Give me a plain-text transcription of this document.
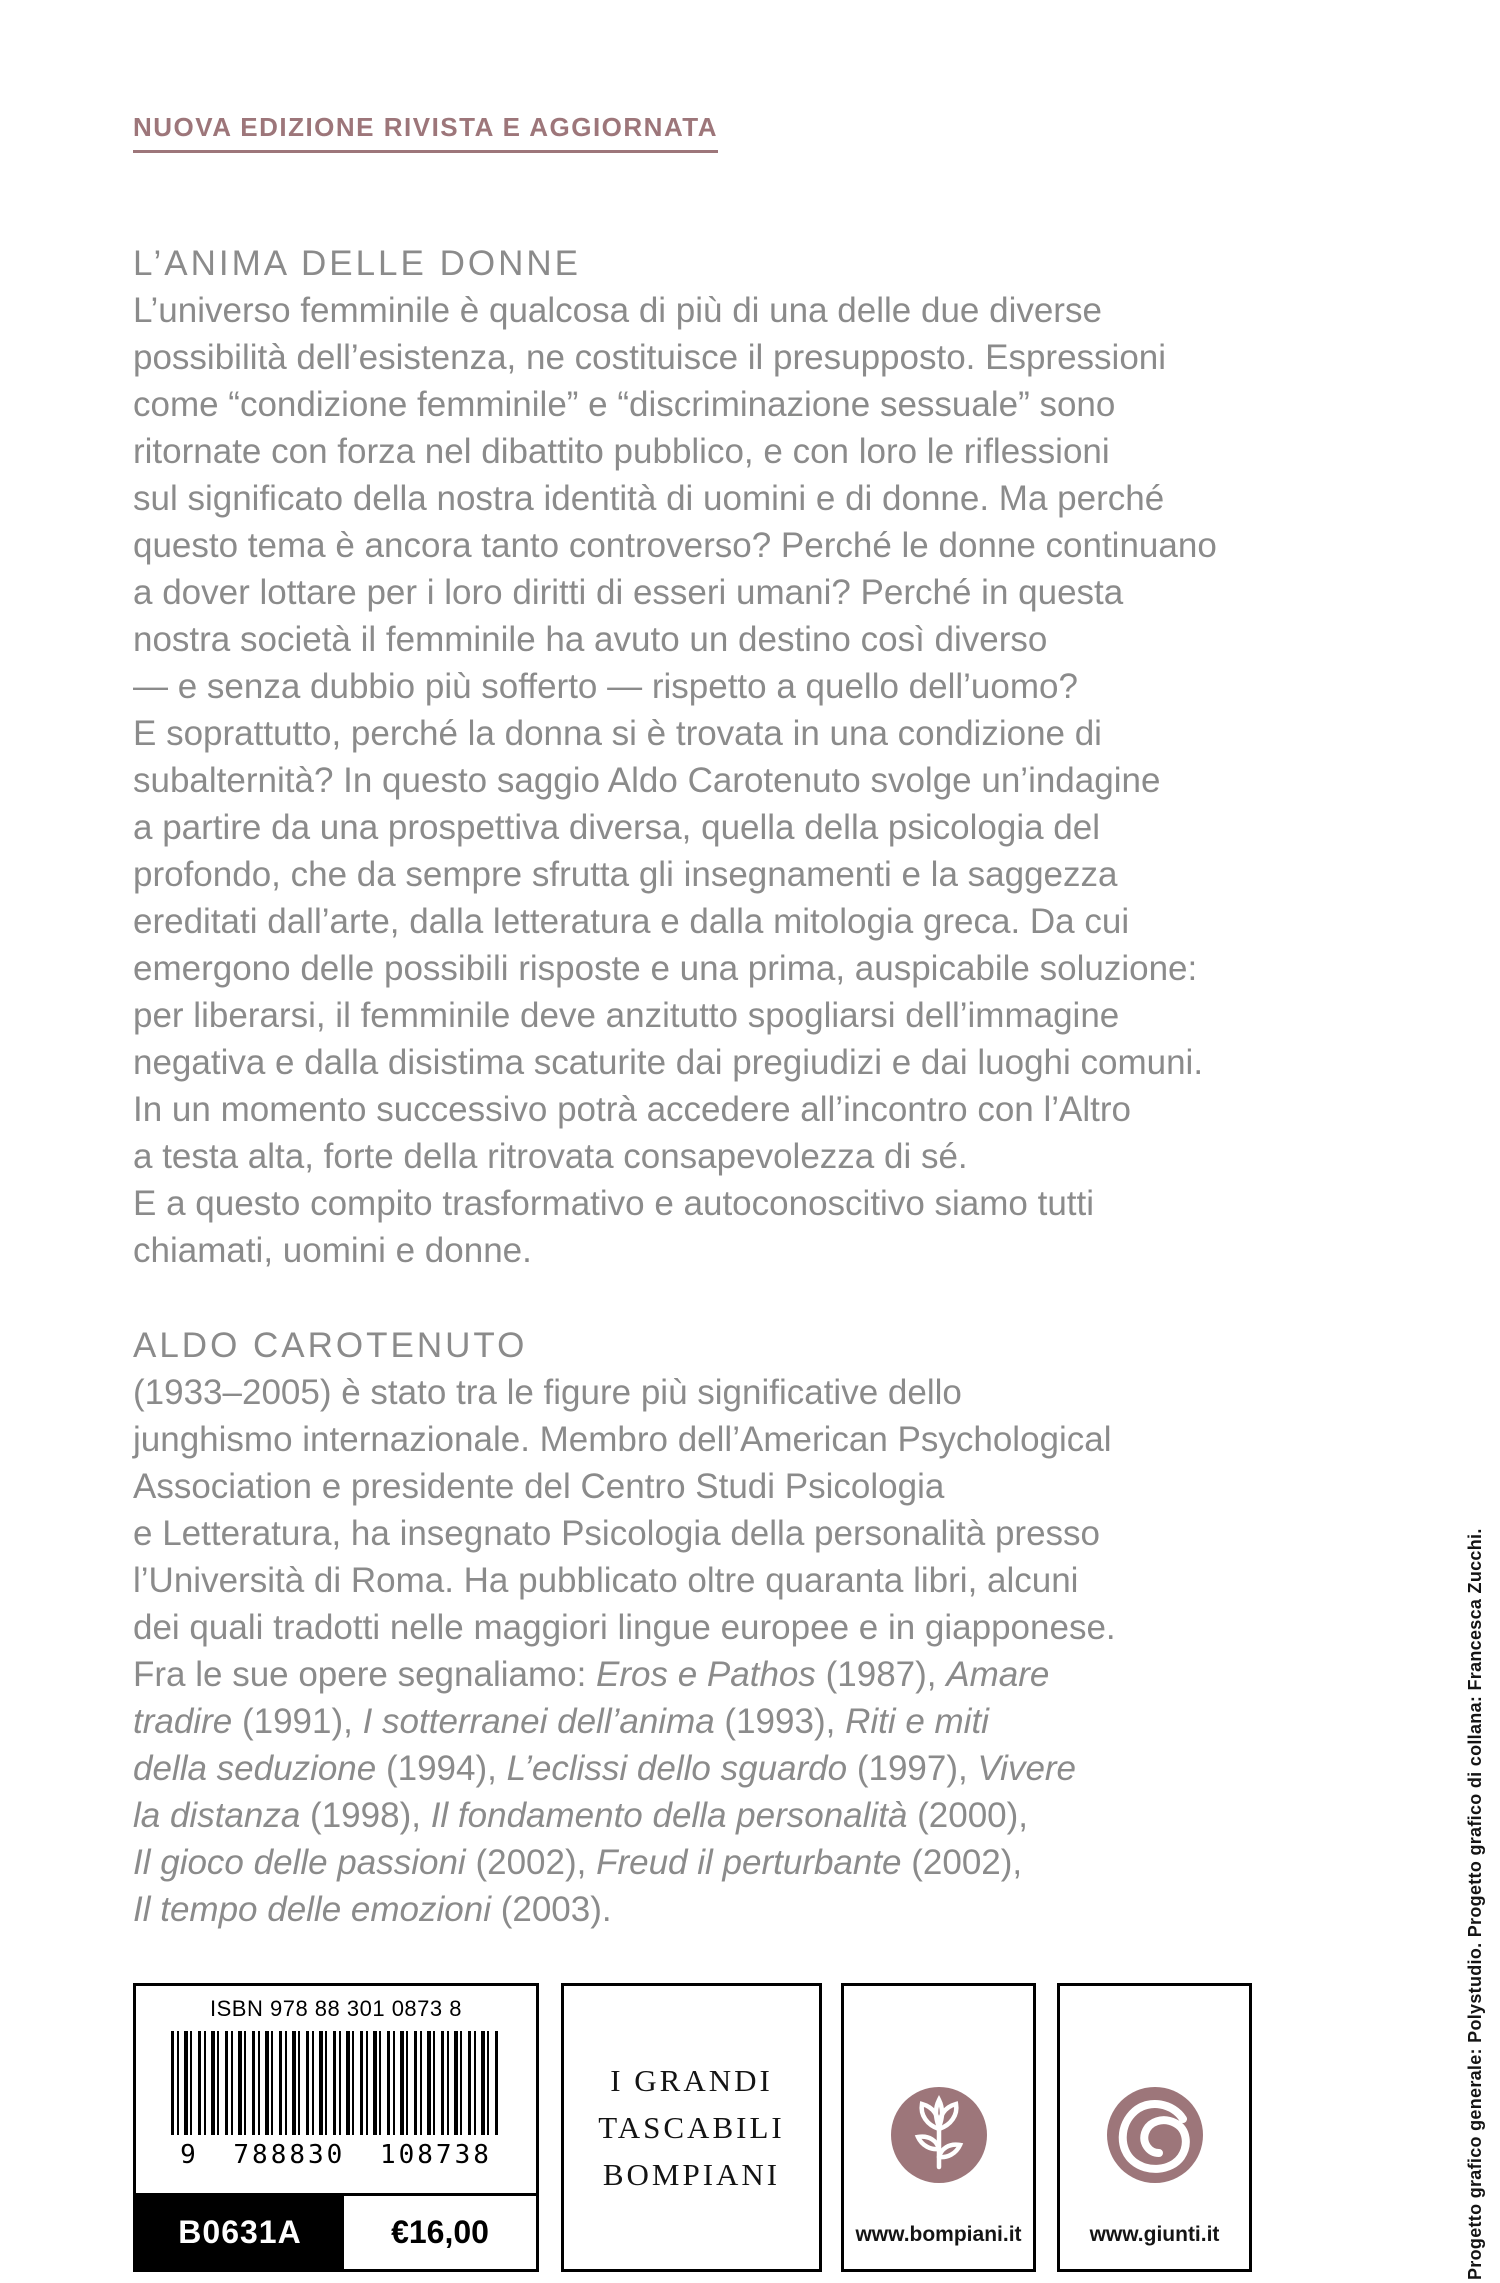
NUOVA EDIZIONE RIVISTA E AGGIORNATA
L’ANIMA DELLE DONNE
L’universo femminile è qualcosa di più di una delle due diverse
possibilità dell’esistenza, ne costituisce il presupposto. Espressioni
come “condizione femminile” e “discriminazione sessuale” sono
ritornate con forza nel dibattito pubblico, e con loro le riflessioni
sul significato della nostra identità di uomini e di donne. Ma perché
questo tema è ancora tanto controverso? Perché le donne continuano
a dover lottare per i loro diritti di esseri umani? Perché in questa
nostra società il femminile ha avuto un destino così diverso
— e senza dubbio più sofferto — rispetto a quello dell’uomo?
E soprattutto, perché la donna si è trovata in una condizione di
subalternità? In questo saggio Aldo Carotenuto svolge un’indagine
a partire da una prospettiva diversa, quella della psicologia del
profondo, che da sempre sfrutta gli insegnamenti e la saggezza
ereditati dall’arte, dalla letteratura e dalla mitologia greca. Da cui
emergono delle possibili risposte e una prima, auspicabile soluzione:
per liberarsi, il femminile deve anzitutto spogliarsi dell’immagine
negativa e dalla disistima scaturite dai pregiudizi e dai luoghi comuni.
In un momento successivo potrà accedere all’incontro con l’Altro
a testa alta, forte della ritrovata consapevolezza di sé.
E a questo compito trasformativo e autoconoscitivo siamo tutti
chiamati, uomini e donne.
ALDO CAROTENUTO
(1933–2005) è stato tra le figure più significative dello
junghismo internazionale. Membro dell’American Psychological
Association e presidente del Centro Studi Psicologia
e Letteratura, ha insegnato Psicologia della personalità presso
l’Università di Roma. Ha pubblicato oltre quaranta libri, alcuni
dei quali tradotti nelle maggiori lingue europee e in giapponese.
Fra le sue opere segnaliamo: Eros e Pathos (1987), Amare
tradire (1991), I sotterranei dell’anima (1993), Riti e miti
della seduzione (1994), L’eclissi dello sguardo (1997), Vivere
la distanza (1998), Il fondamento della personalità (2000),
Il gioco delle passioni (2002), Freud il perturbante (2002),
Il tempo delle emozioni (2003).
ISBN 978 88 301 0873 8
9 788830 108738
B0631A	€16,00
I GRANDI
TASCABILI
BOMPIANI
www.bompiani.it	www.giunti.it	Progetto grafico generale: Polystudio. Progetto grafico di collana: Francesca Zucchi.
